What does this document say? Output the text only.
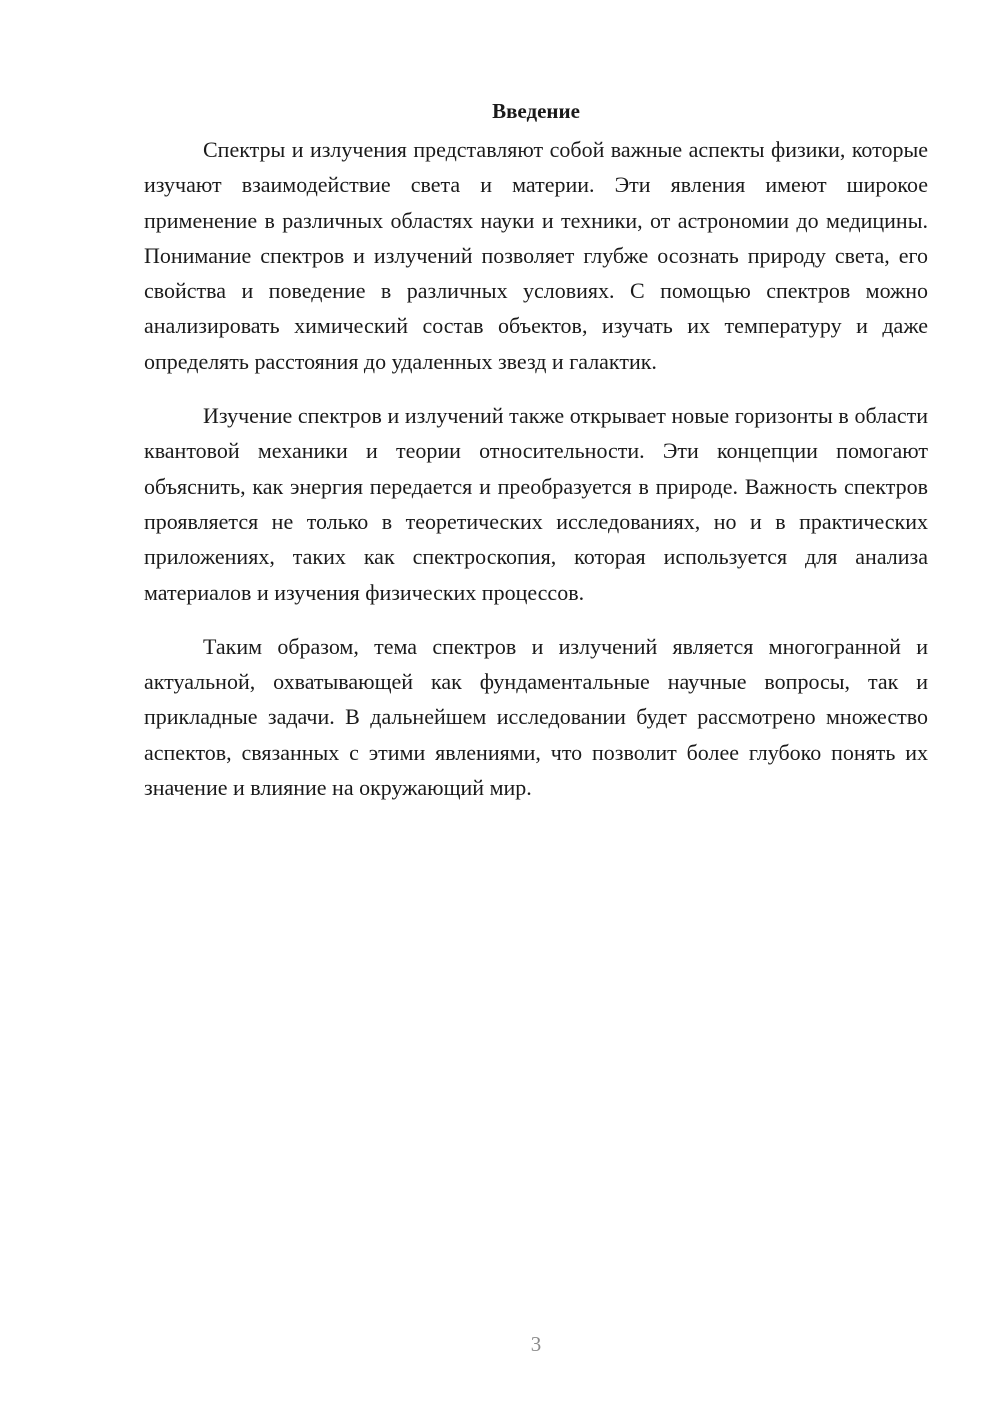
Введение

Спектры и излучения представляют собой важные аспекты физики, которые изучают взаимодействие света и материи. Эти явления имеют широкое применение в различных областях науки и техники, от астрономии до медицины. Понимание спектров и излучений позволяет глубже осознать природу света, его свойства и поведение в различных условиях. С помощью спектров можно анализировать химический состав объектов, изучать их температуру и даже определять расстояния до удаленных звезд и галактик.

Изучение спектров и излучений также открывает новые горизонты в области квантовой механики и теории относительности. Эти концепции помогают объяснить, как энергия передается и преобразуется в природе. Важность спектров проявляется не только в теоретических исследованиях, но и в практических приложениях, таких как спектроскопия, которая используется для анализа материалов и изучения физических процессов.

Таким образом, тема спектров и излучений является многогранной и актуальной, охватывающей как фундаментальные научные вопросы, так и прикладные задачи. В дальнейшем исследовании будет рассмотрено множество аспектов, связанных с этими явлениями, что позволит более глубоко понять их значение и влияние на окружающий мир.

3
